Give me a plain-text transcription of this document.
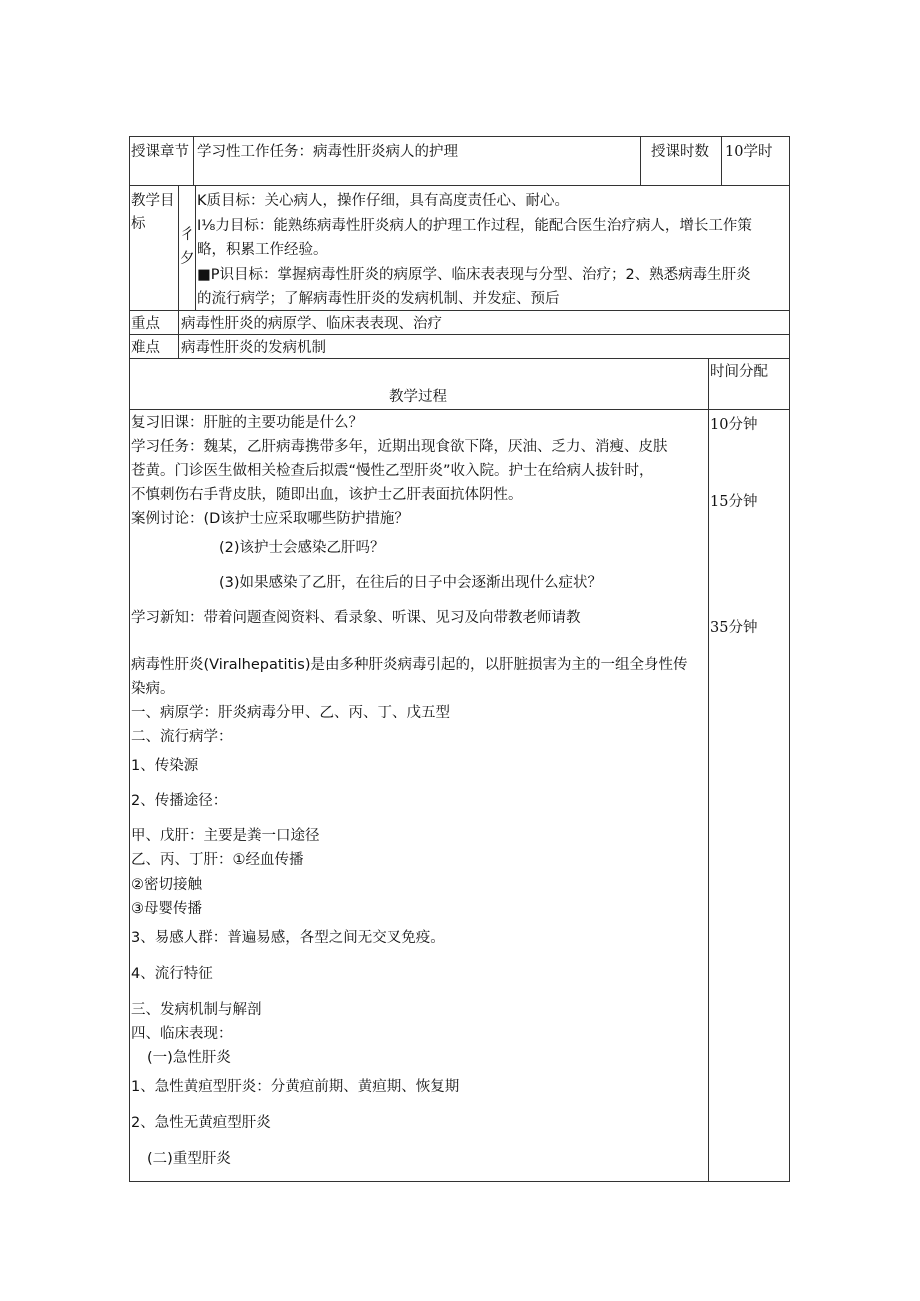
授课章节 学习性工作任务：病毒性肝炎病人的护理	授课时数 10学时
教学目
标
彳
夕
K质目标：关心病人，操作仔细，具有高度责任心、耐心。
I⅛力目标：能熟练病毒性肝炎病人的护理工作过程，能配合医生治疗病人，增长工作策
略，积累工作经验。
■P识目标：掌握病毒性肝炎的病原学、临床表表现与分型、治疗；2、熟悉病毒生肝炎
的流行病学；了解病毒性肝炎的发病机制、并发症、预后
重点 病毒性肝炎的病原学、临床表表现、治疗
难点 病毒性肝炎的发病机制
时间分配
教学过程
10分钟
15分钟
35分钟
复习旧课：肝脏的主要功能是什么？
学习任务：魏某，乙肝病毒携带多年，近期出现食欲下降，厌油、乏力、消瘦、皮肤
苍黄。门诊医生做相关检查后拟震“慢性乙型肝炎”收入院。护士在给病人拔针时，
不慎刺伤右手背皮肤，随即出血，该护士乙肝表面抗体阴性。
案例讨论：(D该护士应采取哪些防护措施？
(2)该护士会感染乙肝吗？
(3)如果感染了乙肝，在往后的日子中会逐渐出现什么症状？
学习新知：带着问题查阅资料、看录象、听课、见习及向带教老师请教
病毒性肝炎(Viralhepatitis)是由多种肝炎病毒引起的，以肝脏损害为主的一组全身性传
染病。
一、病原学：肝炎病毒分甲、乙、丙、丁、戊五型
二、流行病学：
1、传染源
2、传播途径：
甲、戊肝：主要是粪一口途径
乙、丙、丁肝：①经血传播
②密切接触
③母婴传播
3、易感人群：普遍易感，各型之间无交叉免疫。
4、流行特征
三、发病机制与解剖
四、临床表现：
(一)急性肝炎
1、急性黄疸型肝炎：分黄疸前期、黄疸期、恢复期
2、急性无黄疸型肝炎
(二)重型肝炎
